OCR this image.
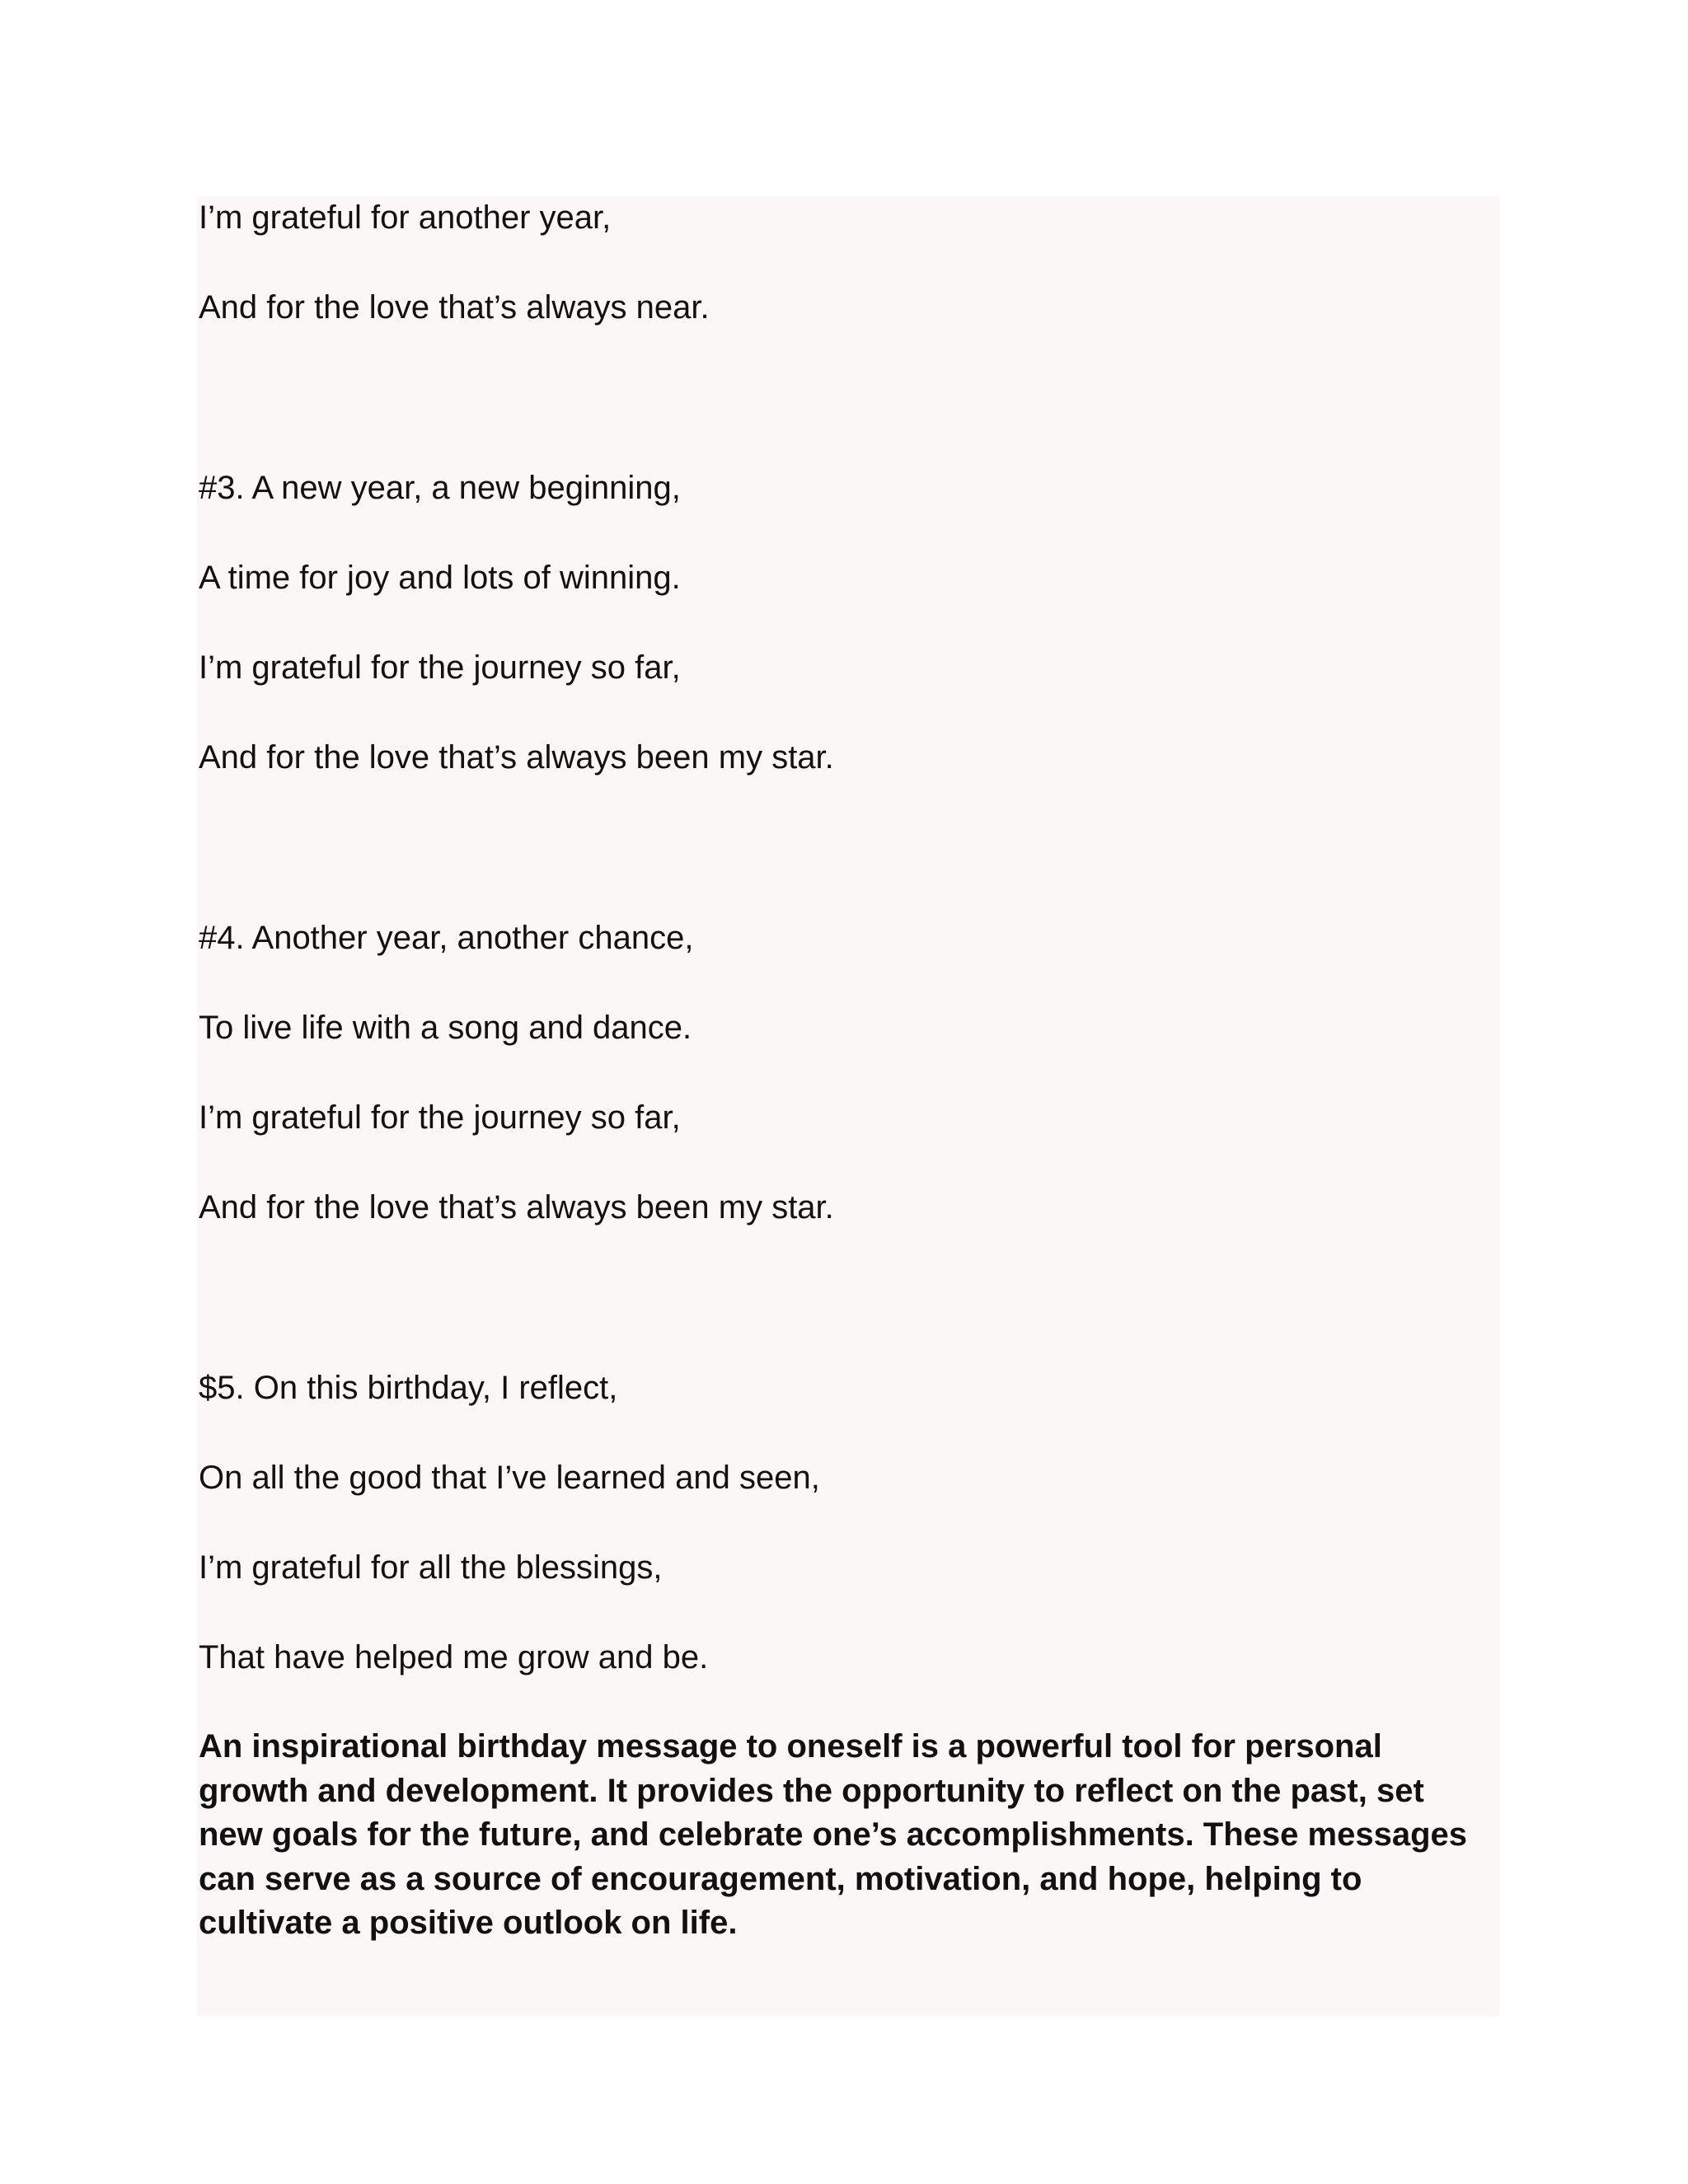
I’m grateful for another year,

And for the love that’s always near.

#3. A new year, a new beginning,

A time for joy and lots of winning.

I’m grateful for the journey so far,

And for the love that’s always been my star.

#4. Another year, another chance,

To live life with a song and dance.

I’m grateful for the journey so far,

And for the love that’s always been my star.

$5. On this birthday, I reflect,

On all the good that I’ve learned and seen,

I’m grateful for all the blessings,

That have helped me grow and be.

An inspirational birthday message to oneself is a powerful tool for personal growth and development. It provides the opportunity to reflect on the past, set new goals for the future, and celebrate one’s accomplishments. These messages can serve as a source of encouragement, motivation, and hope, helping to cultivate a positive outlook on life.
